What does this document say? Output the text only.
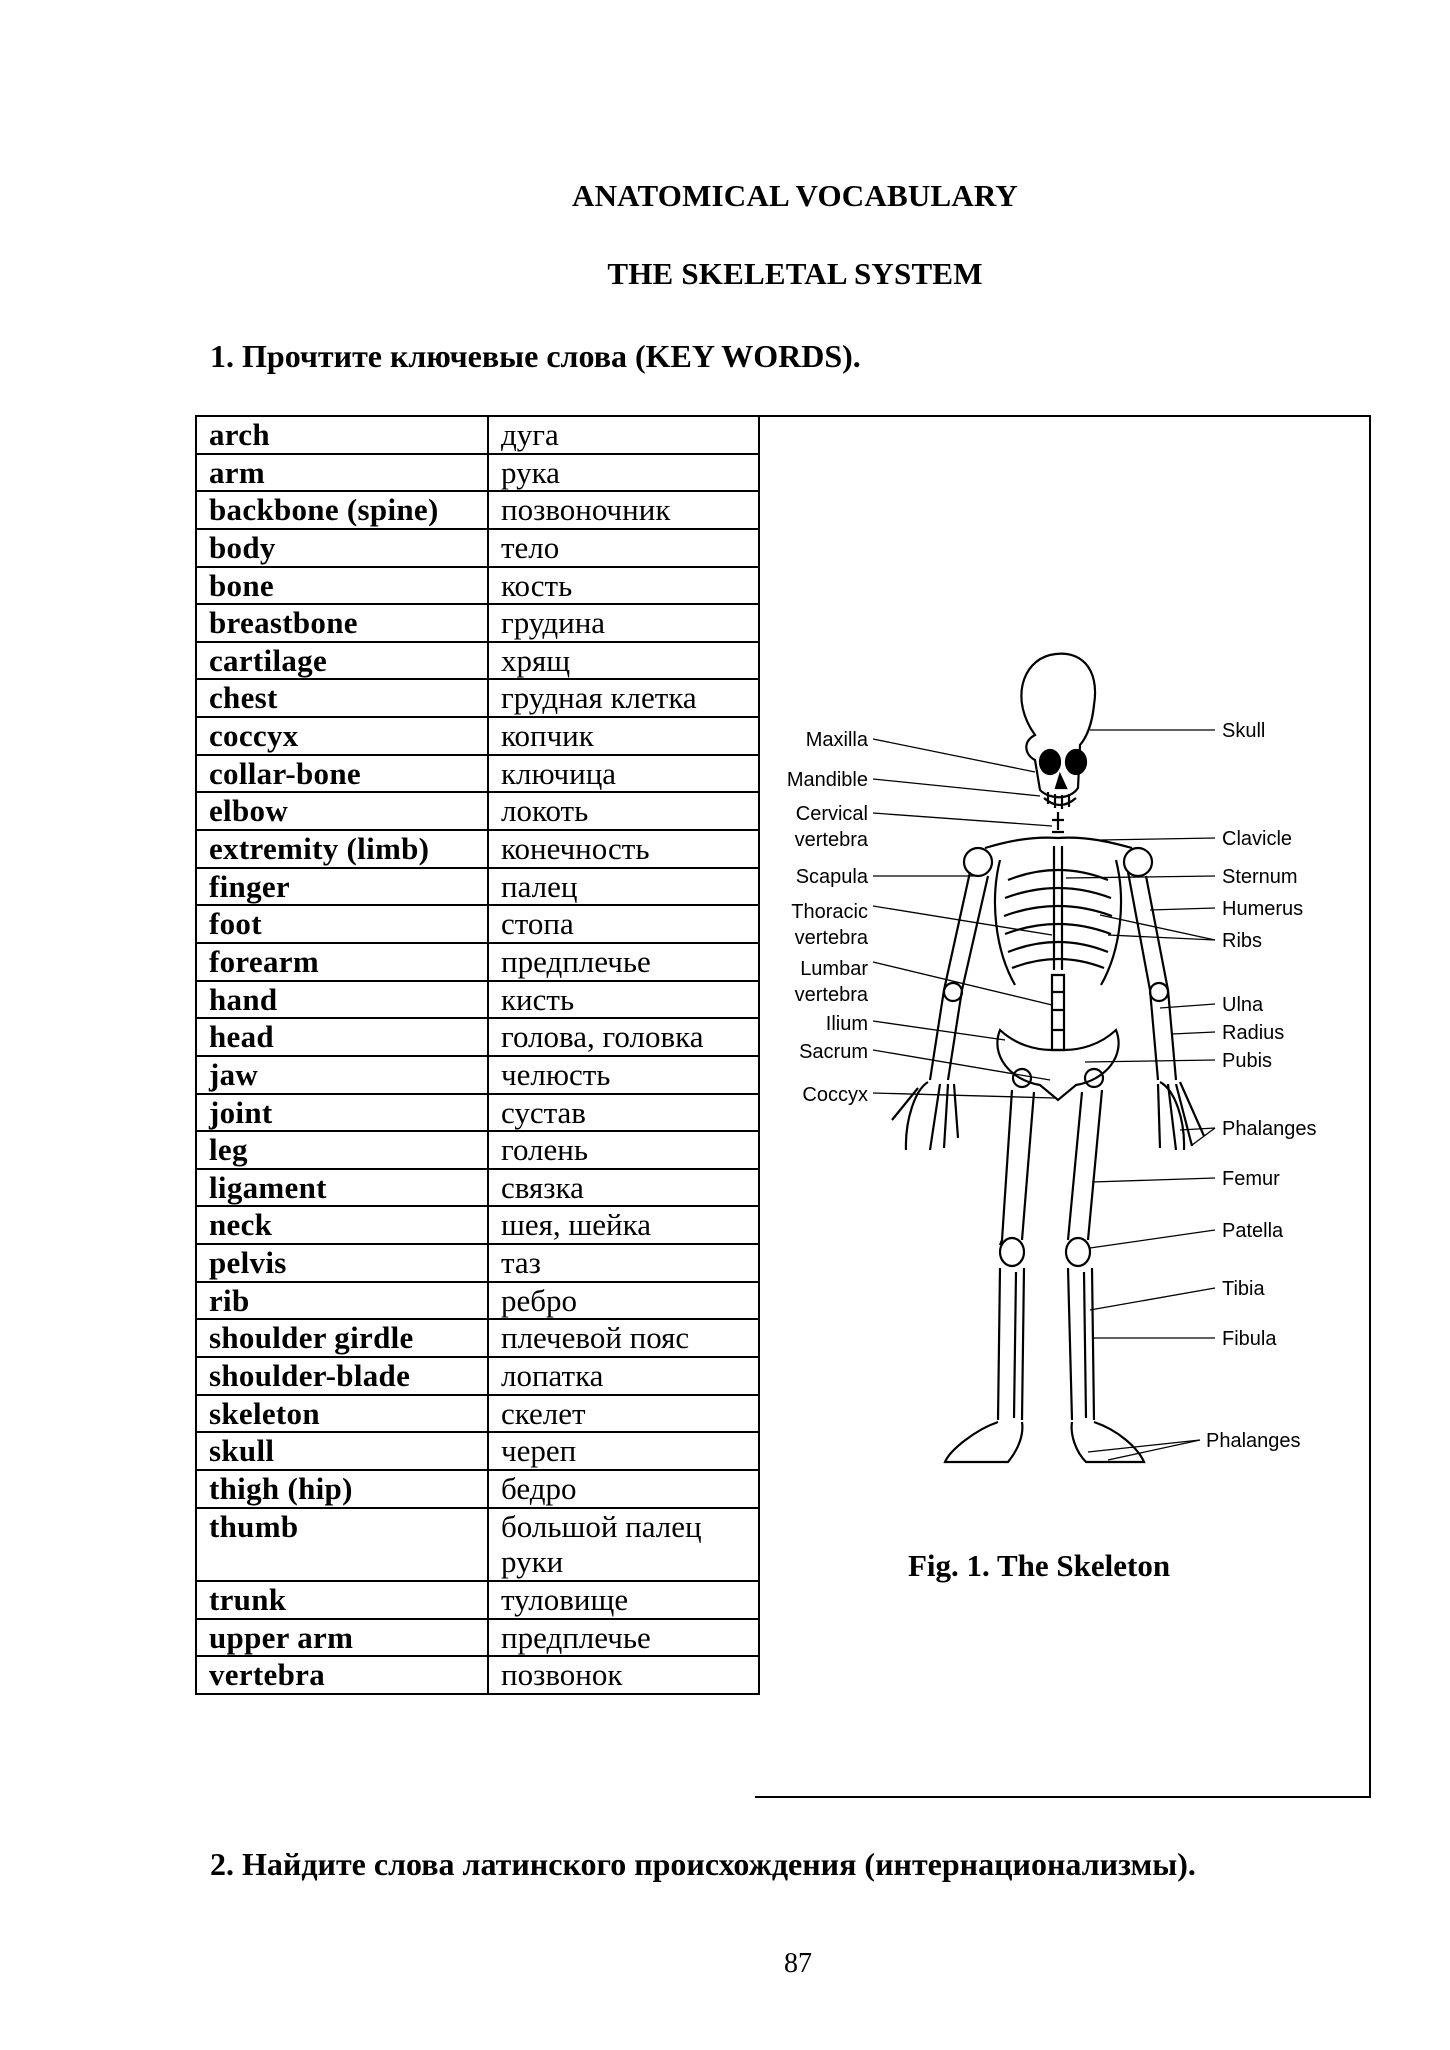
ANATOMICAL VOCABULARY
THE SKELETAL SYSTEM
1. Прочтите ключевые слова (KEY WORDS).
arch	дуга
arm	рука
backbone (spine)	позвоночник
body	тело
bone	кость
breastbone	грудина
cartilage	хрящ
chest	грудная клетка
coccyx	копчик
collar-bone	ключица
elbow	локоть
extremity (limb)	конечность
finger	палец
foot	стопа
forearm	предплечье
hand	кисть
head	голова, головка
jaw	челюсть
joint	сустав
leg	голень
ligament	связка
neck	шея, шейка
pelvis	таз
rib	ребро
shoulder girdle	плечевой пояс
shoulder-blade	лопатка
skeleton	скелет
skull	череп
thigh (hip)	бедро
thumb	большой палец руки
trunk	туловище
upper arm	предплечье
vertebra	позвонок
Maxilla
Mandible
Cervical
vertebra
Scapula
Thoracic
vertebra
Lumbar
vertebra
Ilium
Sacrum
Coccyx
Skull
Clavicle
Sternum
Humerus
Ribs
Ulna
Radius
Pubis
Phalanges
Femur
Patella
Tibia
Fibula
Phalanges
Fig. 1. The Skeleton
2. Найдите слова латинского происхождения (интернационализмы).
87
